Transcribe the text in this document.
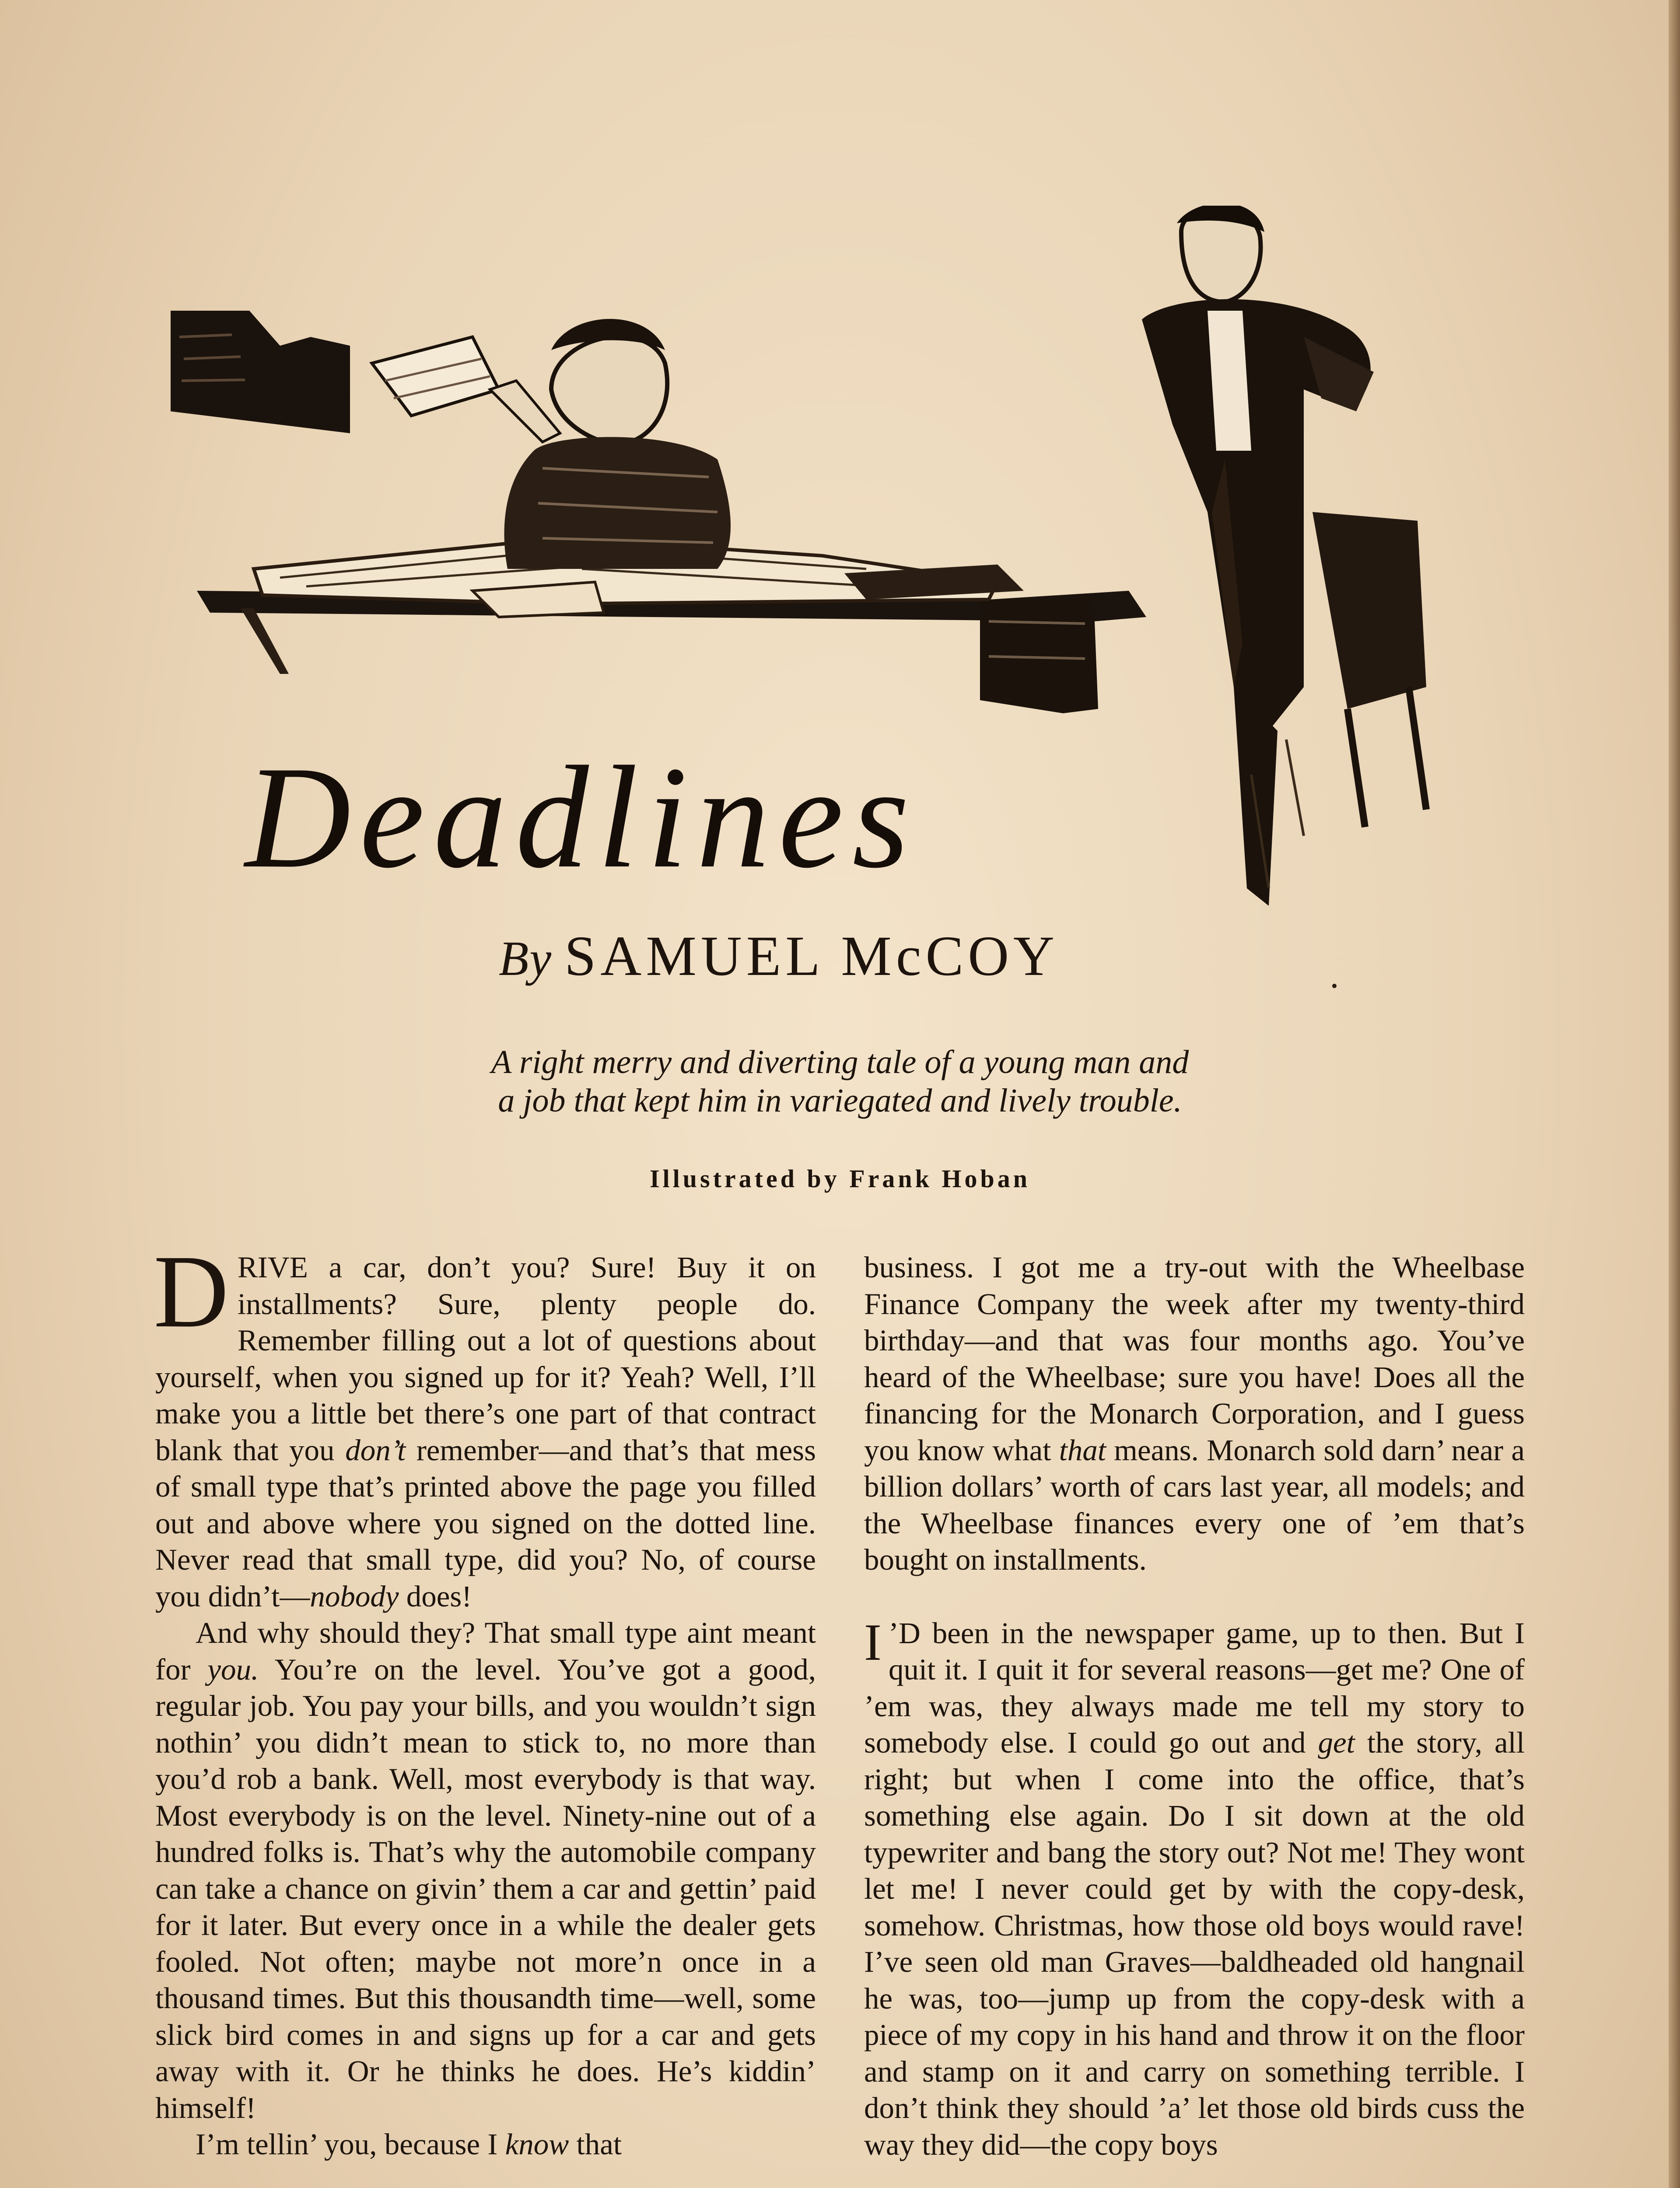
Deadlines
By SAMUEL McCOY
A right merry and diverting tale of a young man and
a job that kept him in variegated and lively trouble.
Illustrated by Frank Hoban

DRIVE a car, don’t you? Sure! Buy it on installments? Sure, plenty people do. Remember filling out a lot of questions about yourself, when you signed up for it? Yeah? Well, I’ll make you a little bet there’s one part of that contract blank that you don’t remember—and that’s that mess of small type that’s printed above the page you filled out and above where you signed on the dotted line. Never read that small type, did you? No, of course you didn’t—nobody does!

And why should they? That small type aint meant for you. You’re on the level. You’ve got a good, regular job. You pay your bills, and you wouldn’t sign nothin’ you didn’t mean to stick to, no more than you’d rob a bank. Well, most everybody is that way. Most everybody is on the level. Ninety-nine out of a hundred folks is. That’s why the automobile company can take a chance on givin’ them a car and gettin’ paid for it later. But every once in a while the dealer gets fooled. Not often; maybe not more’n once in a thousand times. But this thousandth time—well, some slick bird comes in and signs up for a car and gets away with it. Or he thinks he does. He’s kiddin’ himself!

I’m tellin’ you, because I know that

business. I got me a try-out with the Wheelbase Finance Company the week after my twenty-third birthday—and that was four months ago. You’ve heard of the Wheelbase; sure you have! Does all the financing for the Monarch Corporation, and I guess you know what that means. Monarch sold darn’ near a billion dollars’ worth of cars last year, all models; and the Wheelbase finances every one of ’em that’s bought on installments.

I ’D been in the newspaper game, up to then. But I quit it. I quit it for several reasons—get me? One of ’em was, they always made me tell my story to somebody else. I could go out and get the story, all right; but when I come into the office, that’s something else again. Do I sit down at the old typewriter and bang the story out? Not me! They wont let me! I never could get by with the copy-desk, somehow. Christmas, how those old boys would rave! I’ve seen old man Graves—baldheaded old hangnail he was, too—jump up from the copy-desk with a piece of my copy in his hand and throw it on the floor and stamp on it and carry on something terrible. I don’t think they should ’a’ let those old birds cuss the way they did—the copy boys
